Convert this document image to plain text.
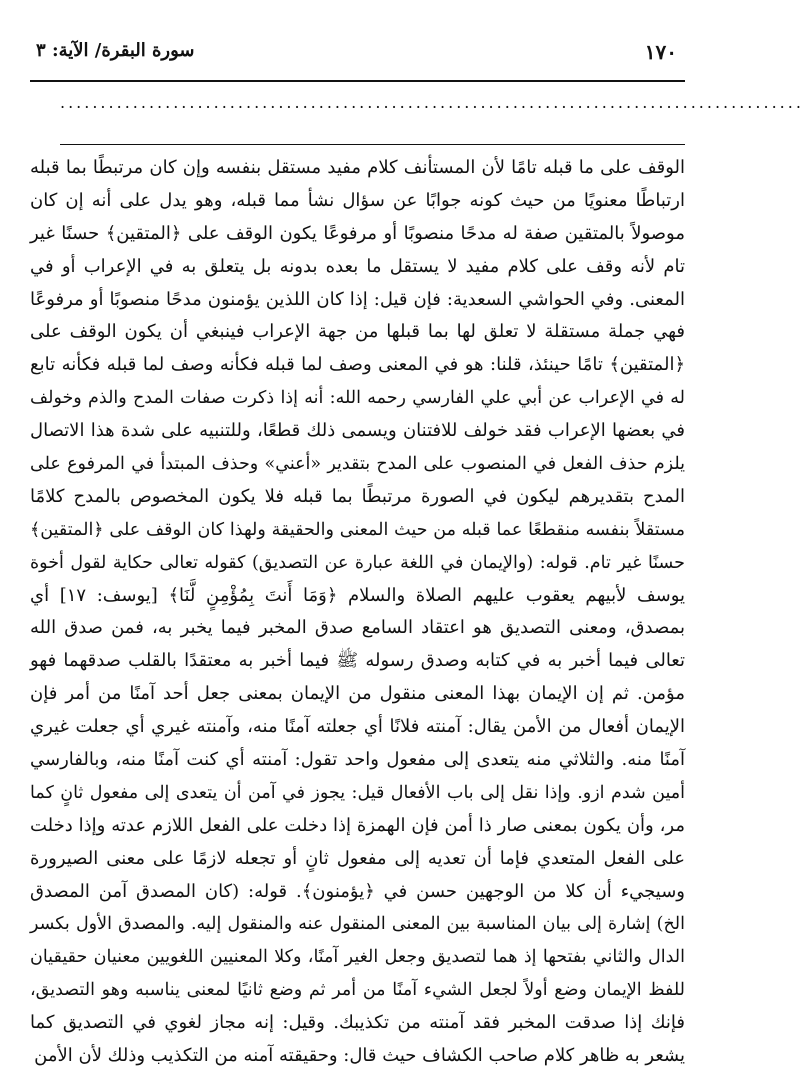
١٧٠
سورة البقرة/ الآية: ٣
............................................................................................
الوقف على ما قبله تامًا لأن المستأنف كلام مفيد مستقل بنفسه وإن كان مرتبطًا بما قبله
ارتباطًا معنويًا من حيث كونه جوابًا عن سؤال نشأ مما قبله، وهو يدل على أنه إن كان
موصولاً بالمتقين صفة له مدحًا منصوبًا أو مرفوعًا يكون الوقف على ﴿المتقين﴾ حسنًا غير
تام لأنه وقف على كلام مفيد لا يستقل ما بعده بدونه بل يتعلق به في الإعراب أو في
المعنى. وفي الحواشي السعدية: فإن قيل: إذا كان اللذين يؤمنون مدحًا منصوبًا أو مرفوعًا
فهي جملة مستقلة لا تعلق لها بما قبلها من جهة الإعراب فينبغي أن يكون الوقف على
﴿المتقين﴾ تامًا حينئذ، قلنا: هو في المعنى وصف لما قبله فكأنه وصف لما قبله فكأنه تابع
له في الإعراب عن أبي علي الفارسي رحمه الله: أنه إذا ذكرت صفات المدح والذم وخولف
في بعضها الإعراب فقد خولف للافتنان ويسمى ذلك قطعًا، وللتنبيه على شدة هذا الاتصال
يلزم حذف الفعل في المنصوب على المدح بتقدير «أعني» وحذف المبتدأ في المرفوع على
المدح بتقديرهم ليكون في الصورة مرتبطًا بما قبله فلا يكون المخصوص بالمدح كلامًا
مستقلاً بنفسه منقطعًا عما قبله من حيث المعنى والحقيقة ولهذا كان الوقف على ﴿المتقين﴾
حسنًا غير تام. قوله: (والإيمان في اللغة عبارة عن التصديق) كقوله تعالى حكاية لقول أخوة
يوسف لأبيهم يعقوب عليهم الصلاة والسلام ﴿وَمَا أَنتَ بِمُؤْمِنٍ لَّنَا﴾ [يوسف: ١٧] أي
بمصدق، ومعنى التصديق هو اعتقاد السامع صدق المخبر فيما يخبر به، فمن صدق الله
تعالى فيما أخبر به في كتابه وصدق رسوله ﷺ فيما أخبر به معتقدًا بالقلب صدقهما فهو
مؤمن. ثم إن الإيمان بهذا المعنى منقول من الإيمان بمعنى جعل أحد آمنًا من أمر فإن
الإيمان أفعال من الأمن يقال: آمنته فلانًا أي جعلته آمنًا منه، وآمنته غيري أي جعلت غيري
آمنًا منه. والثلاثي منه يتعدى إلى مفعول واحد تقول: آمنته أي كنت آمنًا منه، وبالفارسي
أمين شدم ازو. وإذا نقل إلى باب الأفعال قيل: يجوز في آمن أن يتعدى إلى مفعول ثانٍ كما
مر، وأن يكون بمعنى صار ذا أمن فإن الهمزة إذا دخلت على الفعل اللازم عدته وإذا دخلت
على الفعل المتعدي فإما أن تعديه إلى مفعول ثانٍ أو تجعله لازمًا على معنى الصيرورة
وسيجيء أن كلا من الوجهين حسن في ﴿يؤمنون﴾. قوله: (كان المصدق آمن المصدق
الخ) إشارة إلى بيان المناسبة بين المعنى المنقول عنه والمنقول إليه. والمصدق الأول بكسر
الدال والثاني بفتحها إذ هما لتصديق وجعل الغير آمنًا، وكلا المعنيين اللغويين معنيان حقيقيان
للفظ الإيمان وضع أولاً لجعل الشيء آمنًا من أمر ثم وضع ثانيًا لمعنى يناسبه وهو التصديق،
فإنك إذا صدقت المخبر فقد آمنته من تكذيبك. وقيل: إنه مجاز لغوي في التصديق كما
يشعر به ظاهر كلام صاحب الكشاف حيث قال: وحقيقته آمنه من التكذيب وذلك لأن الأمن
